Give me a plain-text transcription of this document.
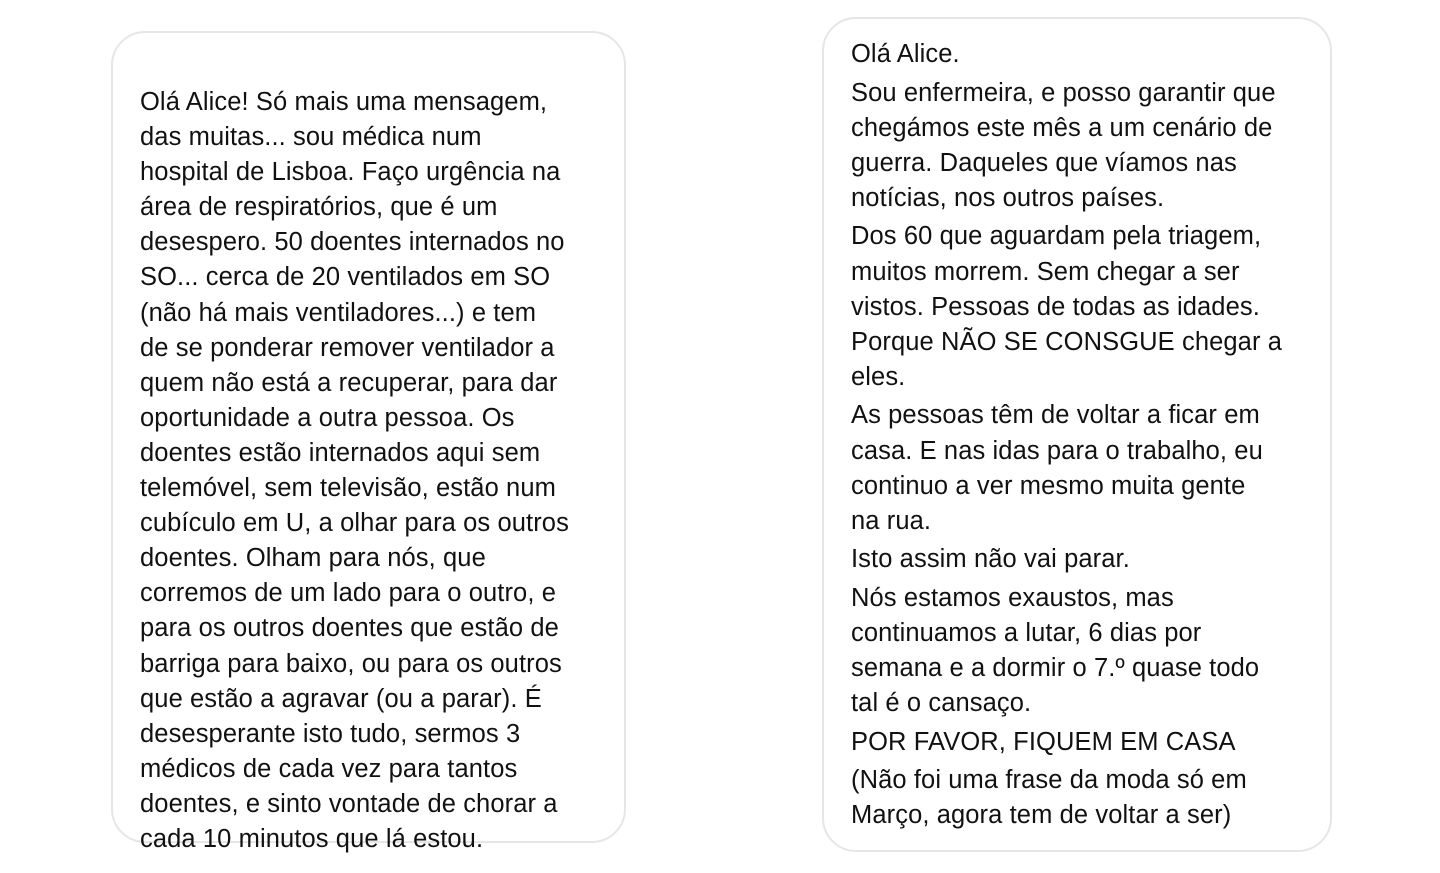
Olá Alice! Só mais uma mensagem,
das muitas... sou médica num
hospital de Lisboa. Faço urgência na
área de respiratórios, que é um
desespero. 50 doentes internados no
SO... cerca de 20 ventilados em SO
(não há mais ventiladores...) e tem
de se ponderar remover ventilador a
quem não está a recuperar, para dar
oportunidade a outra pessoa. Os
doentes estão internados aqui sem
telemóvel, sem televisão, estão num
cubículo em U, a olhar para os outros
doentes. Olham para nós, que
corremos de um lado para o outro, e
para os outros doentes que estão de
barriga para baixo, ou para os outros
que estão a agravar (ou a parar). É
desesperante isto tudo, sermos 3
médicos de cada vez para tantos
doentes, e sinto vontade de chorar a
cada 10 minutos que lá estou.
Olá Alice.
Sou enfermeira, e posso garantir que
chegámos este mês a um cenário de
guerra. Daqueles que víamos nas
notícias, nos outros países.
Dos 60 que aguardam pela triagem,
muitos morrem. Sem chegar a ser
vistos. Pessoas de todas as idades.
Porque NÃO SE CONSGUE chegar a
eles.
As pessoas têm de voltar a ficar em
casa. E nas idas para o trabalho, eu
continuo a ver mesmo muita gente
na rua.
Isto assim não vai parar.
Nós estamos exaustos, mas
continuamos a lutar, 6 dias por
semana e a dormir o 7.º quase todo
tal é o cansaço.
POR FAVOR, FIQUEM EM CASA
(Não foi uma frase da moda só em
Março, agora tem de voltar a ser)
